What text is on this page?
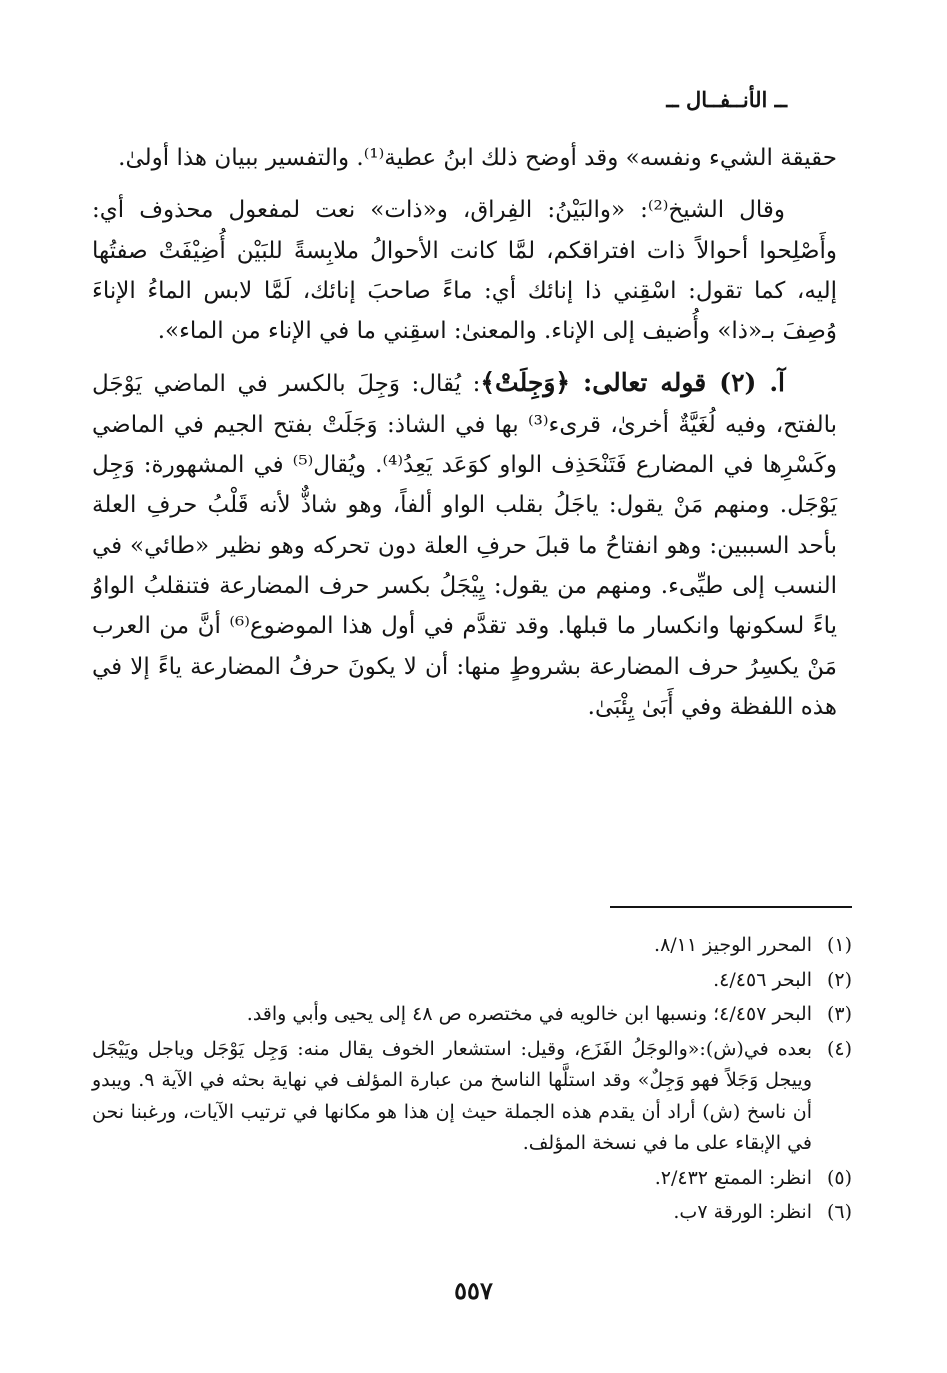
ــ الأنــفــال ــ

حقيقة الشيء ونفسه» وقد أوضح ذلك ابنُ عطية⁽¹⁾. والتفسير ببيان هذا أولىٰ.

وقال الشيخ⁽²⁾: «والبَيْنُ: الفِراق، و«ذات» نعت لمفعول محذوف أي: وأَصْلِحوا أحوالاً ذات افتراقكم، لمَّا كانت الأحوالُ ملابِسةً للبَيْن أُضِيْفَتْ صفتُها إليه، كما تقول: اسْقِني ذا إنائك أي: ماءً صاحبَ إنائك، لَمَّا لابس الماءُ الإناءَ وُصِفَ بـ«ذا» وأُضيف إلى الإناء. والمعنىٰ: اسقِني ما في الإناء من الماء».

آ. (٢) قوله تعالى: ﴿وَجِلَتْ﴾: يُقال: وَجِلَ بالكسر في الماضي يَوْجَل بالفتح، وفيه لُغَيَّةٌ أخرىٰ، قرىء⁽³⁾ بها في الشاذ: وَجَلَتْ بفتح الجيم في الماضي وكَسْرِها في المضارع فَتَنْحَذِف الواو كوَعَد يَعِدُ⁽⁴⁾. ويُقال⁽⁵⁾ في المشهورة: وَجِل يَوْجَل. ومنهم مَنْ يقول: ياجَلُ بقلب الواو ألفاً، وهو شاذٌّ لأنه قَلْبُ حرفِ العلة بأحد السببين: وهو انفتاحُ ما قبلَ حرفِ العلة دون تحركه وهو نظير «طائي» في النسب إلى طيِّىء. ومنهم من يقول: يِيْجَلُ بكسر حرف المضارعة فتنقلبُ الواوُ ياءً لسكونها وانكسار ما قبلها. وقد تقدَّم في أول هذا الموضوع⁽⁶⁾ أنَّ من العرب مَنْ يكسِرُ حرف المضارعة بشروطٍ منها: أن لا يكونَ حرفُ المضارعة ياءً إلا في هذه اللفظة وفي أَبَىٰ يِئْبَىٰ.

(١)
المحرر الوجيز ٨/١١.
(٢)
البحر ٤/٤٥٦.
(٣)
البحر ٤/٤٥٧؛ ونسبها ابن خالويه في مختصره ص ٤٨ إلى يحيى وأبي واقد.
(٤)
بعده في(ش):«والوجَلُ الفَزَع، وقيل: استشعار الخوف يقال منه: وَجِل يَوْجَل وياجل ويَيْجَل وييجل وَجَلاً فهو وَجِلٌ» وقد استلَّها الناسخ من عبارة المؤلف في نهاية بحثه في الآية ٩. ويبدو أن ناسخ (ش) أراد أن يقدم هذه الجملة حيث إن هذا هو مكانها في ترتيب الآيات، ورغبنا نحن في الإبقاء على ما في نسخة المؤلف.
(٥)
انظر: الممتع ٢/٤٣٢.
(٦)
انظر: الورقة ٧ب.
٥٥٧
